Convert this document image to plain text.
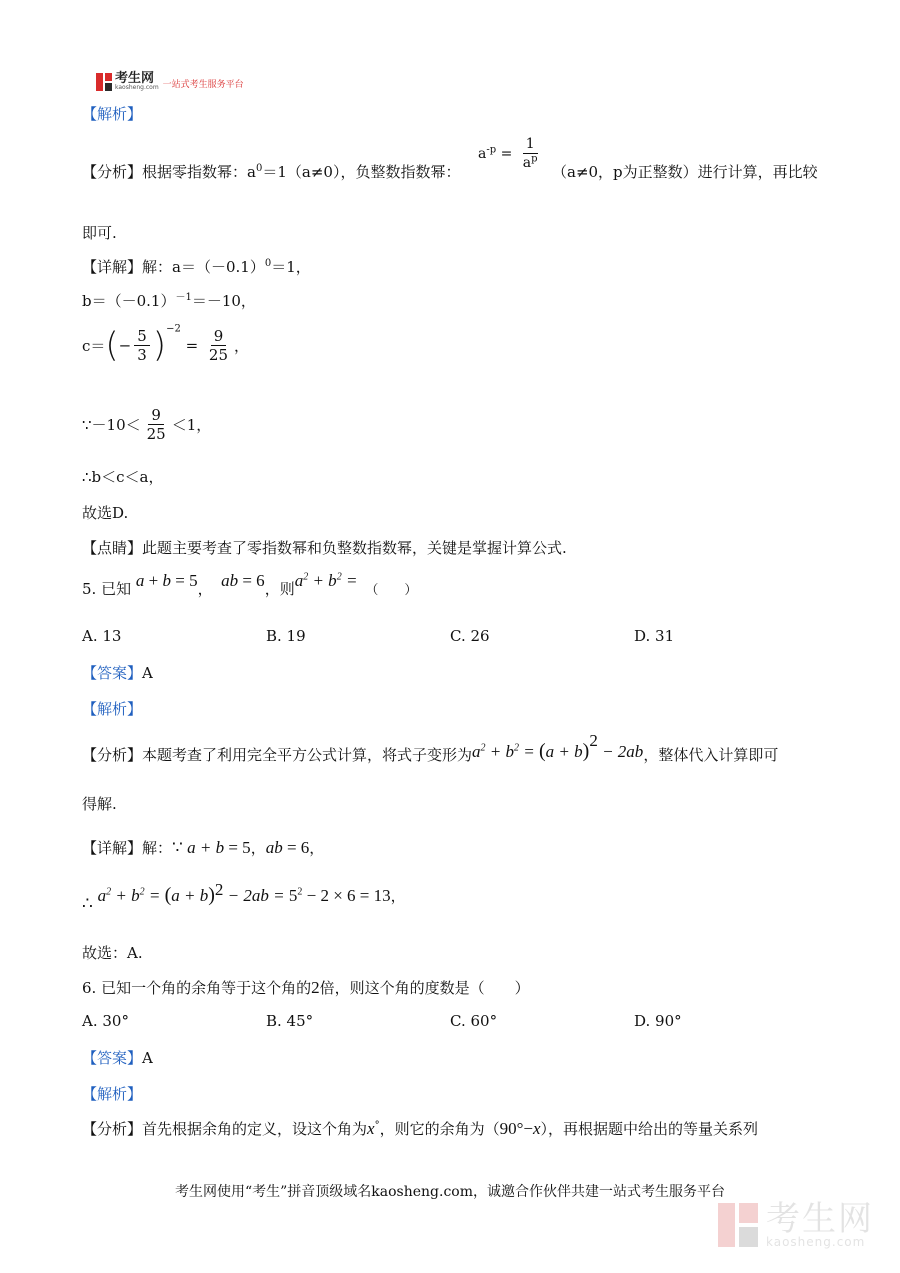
考生网
kaosheng.com 一站式考生服务平台
【解析】
【分析】根据零指数幂：$a^0=1(a\ne 0)$，负整数指数幂：
$a^{-p} = \frac{1}{a^p} (a\ne 0$，p为正整数）进行计算，再比较
即可.
【详解】解：$a=(-0.1)^0=1$，
$b=(-0.1)^{-1}=-10$，
$c=(- \frac{5}{3} )^{-2} = \frac{9}{25}$ ，
∵－10＜ $\frac{9}{25} <1$，
∴b＜c＜a，
故选D.
【点睛】此题主要考查了零指数幂和负整数指数幂，关键是掌握计算公式.
5. 已知 a + b = 5，  ab = 6，则$a^2 + b^2$ =（　　）
A. 13	B. 19	C. 26	D. 31
【答案】A
【解析】
【分析】本题考查了利用完全平方公式计算，将式子变形为$a^2 + b^2 = (a + b)^2 - 2ab$，整体代入计算即可
得解.
【详解】解：∵ a + b = 5，ab = 6，
∴ $a^2 + b^2 = (a + b)^2 - 2ab = 5^2 - 2 \times 6 = 13$，
故选：A.
6. 已知一个角的余角等于这个角的2倍，则这个角的度数是（　　）
A. 30°	B. 45°	C. 60°	D. 90°
【答案】A
【解析】
【分析】首先根据余角的定义，设这个角为x°，则它的余角为（90°−x），再根据题中给出的等量关系列
考生网使用“考生”拼音顶级域名kaosheng.com，诚邀合作伙伴共建一站式考生服务平台
考生网
kaosheng.com
